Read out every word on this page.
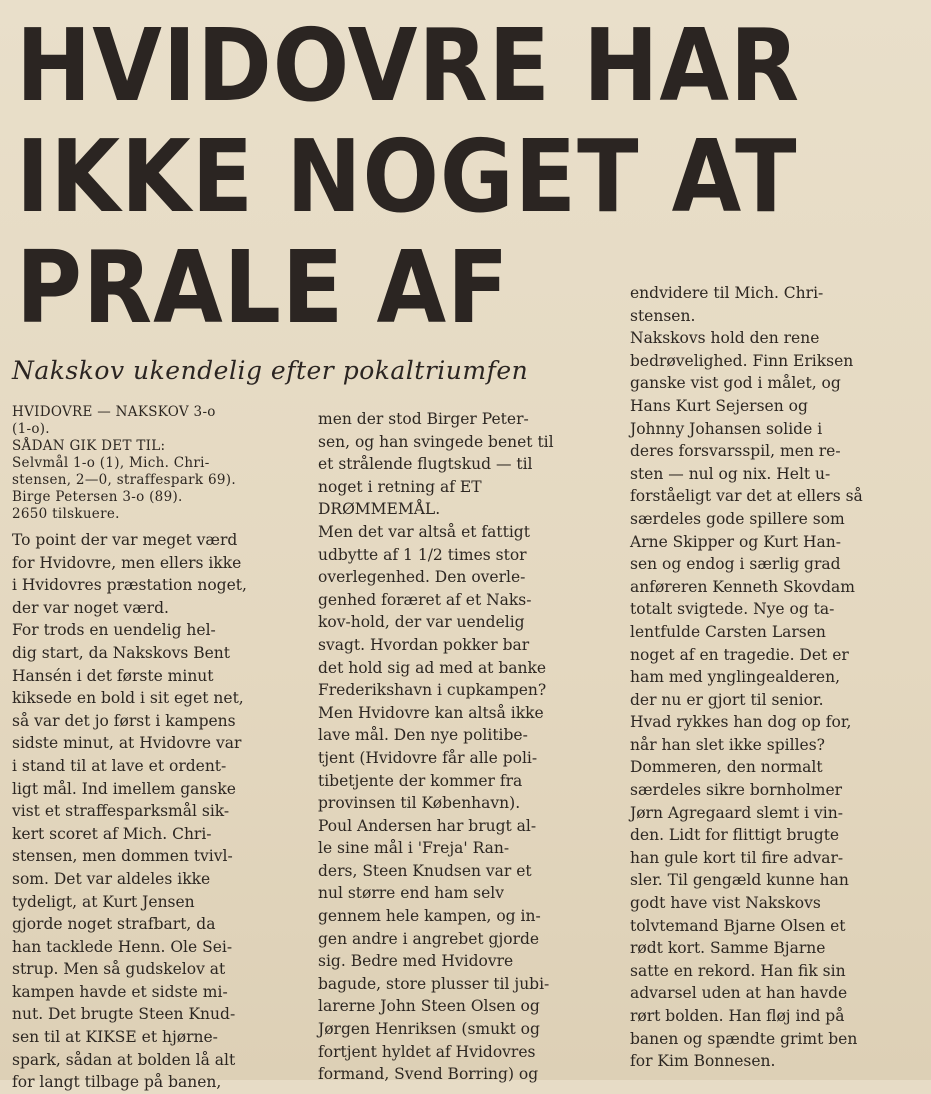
HVIDOVRE HAR
IKKE NOGET AT
PRALE AF
Nakskov ukendelig efter pokaltriumfen
HVIDOVRE — NAKSKOV 3-o
(1-o).
SÅDAN GIK DET TIL:
Selvmål 1-o (1), Mich. Chri-
stensen, 2—0, straffespark 69).
Birge Petersen 3-o (89).
2650 tilskuere.
To point der var meget værd
for Hvidovre, men ellers ikke
i Hvidovres præstation noget,
der var noget værd.
For trods en uendelig hel-
dig start, da Nakskovs Bent
Hansén i det første minut
kiksede en bold i sit eget net,
så var det jo først i kampens
sidste minut, at Hvidovre var
i stand til at lave et ordent-
ligt mål. Ind imellem ganske
vist et straffesparksmål sik-
kert scoret af Mich. Chri-
stensen, men dommen tvivl-
som. Det var aldeles ikke
tydeligt, at Kurt Jensen
gjorde noget strafbart, da
han tacklede Henn. Ole Sei-
strup. Men så gudskelov at
kampen havde et sidste mi-
nut. Det brugte Steen Knud-
sen til at KIKSE et hjørne-
spark, sådan at bolden lå alt
for langt tilbage på banen,
men der stod Birger Peter-
sen, og han svingede benet til
et strålende flugtskud — til
noget i retning af ET
DRØMMEMÅL.
Men det var altså et fattigt
udbytte af 1 1/2 times stor
overlegenhed. Den overle-
genhed foræret af et Naks-
kov-hold, der var uendelig
svagt. Hvordan pokker bar
det hold sig ad med at banke
Frederikshavn i cupkampen?
Men Hvidovre kan altså ikke
lave mål. Den nye politibe-
tjent (Hvidovre får alle poli-
tibetjente der kommer fra
provinsen til København).
Poul Andersen har brugt al-
le sine mål i 'Freja' Ran-
ders, Steen Knudsen var et
nul større end ham selv
gennem hele kampen, og in-
gen andre i angrebet gjorde
sig. Bedre med Hvidovre
bagude, store plusser til jubi-
larerne John Steen Olsen og
Jørgen Henriksen (smukt og
fortjent hyldet af Hvidovres
formand, Svend Borring) og
endvidere til Mich. Chri-
stensen.
Nakskovs hold den rene
bedrøvelighed. Finn Eriksen
ganske vist god i målet, og
Hans Kurt Sejersen og
Johnny Johansen solide i
deres forsvarsspil, men re-
sten — nul og nix. Helt u-
forståeligt var det at ellers så
særdeles gode spillere som
Arne Skipper og Kurt Han-
sen og endog i særlig grad
anføreren Kenneth Skovdam
totalt svigtede. Nye og ta-
lentfulde Carsten Larsen
noget af en tragedie. Det er
ham med ynglingealderen,
der nu er gjort til senior.
Hvad rykkes han dog op for,
når han slet ikke spilles?
Dommeren, den normalt
særdeles sikre bornholmer
Jørn Agregaard slemt i vin-
den. Lidt for flittigt brugte
han gule kort til fire advar-
sler. Til gengæld kunne han
godt have vist Nakskovs
tolvtemand Bjarne Olsen et
rødt kort. Samme Bjarne
satte en rekord. Han fik sin
advarsel uden at han havde
rørt bolden. Han fløj ind på
banen og spændte grimt ben
for Kim Bonnesen.
